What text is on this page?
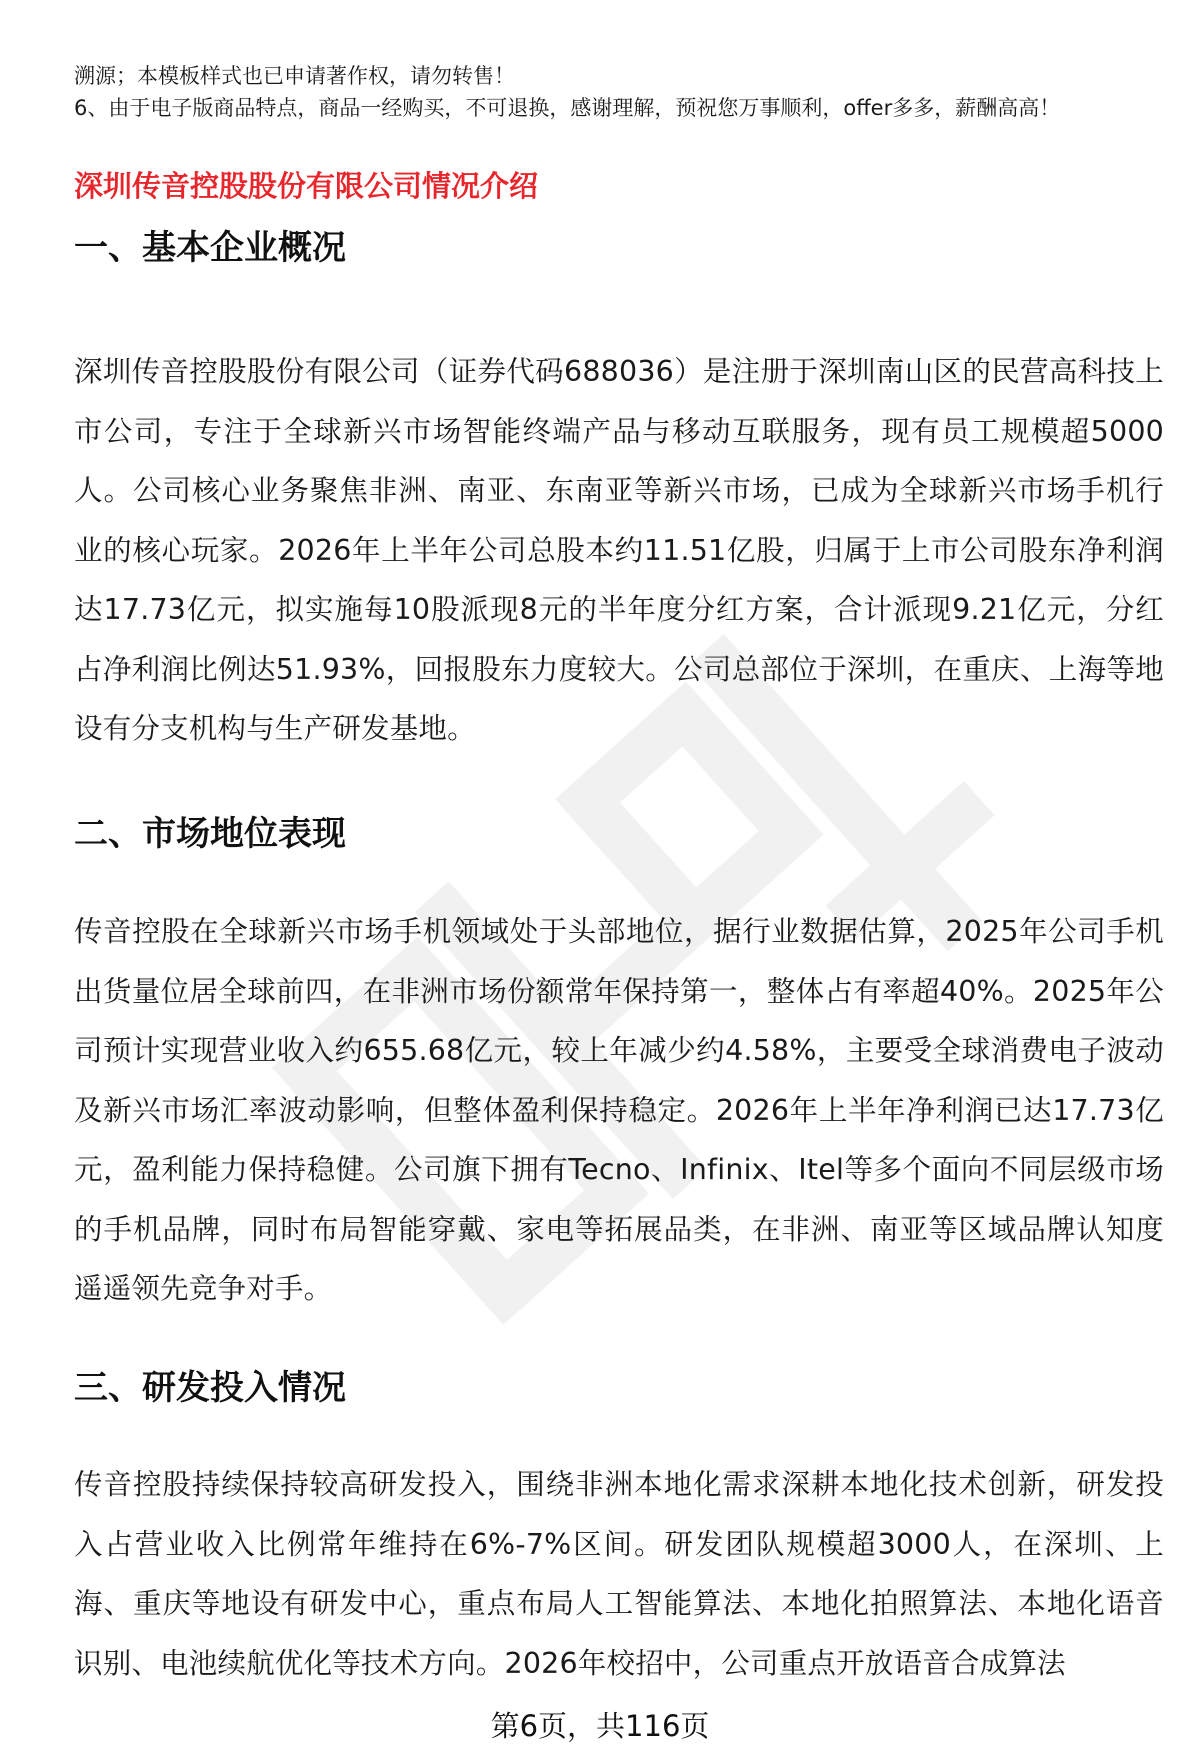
溯源；本模板样式也已申请著作权，请勿转售！
6、由于电子版商品特点，商品一经购买，不可退换，感谢理解，预祝您万事顺利，offer多多，薪酬高高！
深圳传音控股股份有限公司情况介绍
一、基本企业概况
深圳传音控股股份有限公司（证券代码688036）是注册于深圳南山区的民营高科技上市公司，专注于全球新兴市场智能终端产品与移动互联服务，现有员工规模超5000人。公司核心业务聚焦非洲、南亚、东南亚等新兴市场，已成为全球新兴市场手机行业的核心玩家。2026年上半年公司总股本约11.51亿股，归属于上市公司股东净利润达17.73亿元，拟实施每10股派现8元的半年度分红方案，合计派现9.21亿元，分红占净利润比例达51.93%，回报股东力度较大。公司总部位于深圳，在重庆、上海等地设有分支机构与生产研发基地。
二、市场地位表现
传音控股在全球新兴市场手机领域处于头部地位，据行业数据估算，2025年公司手机出货量位居全球前四，在非洲市场份额常年保持第一，整体占有率超40%。2025年公司预计实现营业收入约655.68亿元，较上年减少约4.58%，主要受全球消费电子波动及新兴市场汇率波动影响，但整体盈利保持稳定。2026年上半年净利润已达17.73亿元，盈利能力保持稳健。公司旗下拥有Tecno、Infinix、Itel等多个面向不同层级市场的手机品牌，同时布局智能穿戴、家电等拓展品类，在非洲、南亚等区域品牌认知度遥遥领先竞争对手。
三、研发投入情况
传音控股持续保持较高研发投入，围绕非洲本地化需求深耕本地化技术创新，研发投入占营业收入比例常年维持在6%-7%区间。研发团队规模超3000人，在深圳、上海、重庆等地设有研发中心，重点布局人工智能算法、本地化拍照算法、本地化语音识别、电池续航优化等技术方向。2026年校招中，公司重点开放语音合成算法
第6页，共116页
